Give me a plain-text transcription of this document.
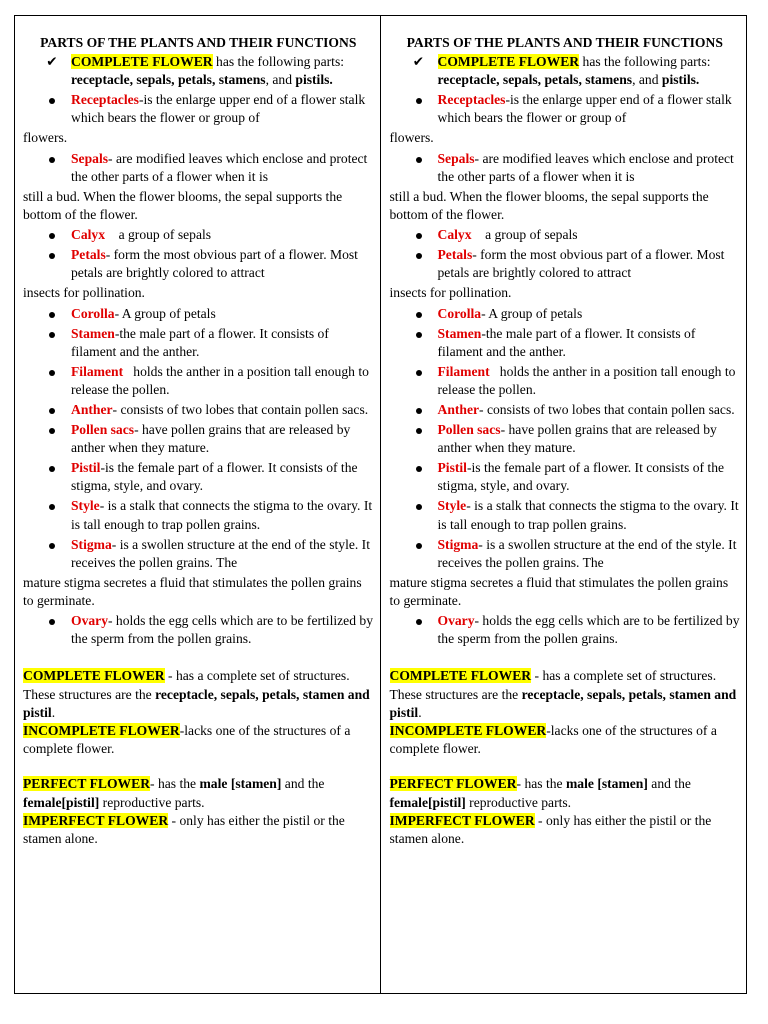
PARTS OF THE PLANTS AND THEIR FUNCTIONS
✔ COMPLETE FLOWER has the following parts: receptacle, sepals, petals, stamens, and pistils.
Receptacles-is the enlarge upper end of a flower stalk which bears the flower or group of
flowers.
Sepals- are modified leaves which enclose and protect the other parts of a flower when it is
still a bud. When the flower blooms, the sepal supports the bottom of the flower.
Calyx    a group of sepals
Petals- form the most obvious part of a flower. Most petals are brightly colored to attract
insects for pollination.
Corolla- A group of petals
Stamen-the male part of a flower. It consists of filament and the anther.
Filament   holds the anther in a position tall enough to release the pollen.
Anther- consists of two lobes that contain pollen sacs.
Pollen sacs- have pollen grains that are released by anther when they mature.
Pistil-is the female part of a flower. It consists of the stigma, style, and ovary.
Style- is a stalk that connects the stigma to the ovary. It is tall enough to trap pollen grains.
Stigma- is a swollen structure at the end of the style. It receives the pollen grains. The
mature stigma secretes a fluid that stimulates the pollen grains to germinate.
Ovary- holds the egg cells which are to be fertilized by the sperm from the pollen grains.

COMPLETE FLOWER - has a complete set of structures. These structures are the receptacle, sepals, petals, stamen and pistil.

INCOMPLETE FLOWER-lacks one of the structures of a complete flower.

PERFECT FLOWER- has the male [stamen] and the female[pistil] reproductive parts.

IMPERFECT FLOWER - only has either the pistil or the stamen alone.

PARTS OF THE PLANTS AND THEIR FUNCTIONS
✔ COMPLETE FLOWER has the following parts: receptacle, sepals, petals, stamens, and pistils.
Receptacles-is the enlarge upper end of a flower stalk which bears the flower or group of
flowers.
Sepals- are modified leaves which enclose and protect the other parts of a flower when it is
still a bud. When the flower blooms, the sepal supports the bottom of the flower.
Calyx    a group of sepals
Petals- form the most obvious part of a flower. Most petals are brightly colored to attract
insects for pollination.
Corolla- A group of petals
Stamen-the male part of a flower. It consists of filament and the anther.
Filament   holds the anther in a position tall enough to release the pollen.
Anther- consists of two lobes that contain pollen sacs.
Pollen sacs- have pollen grains that are released by anther when they mature.
Pistil-is the female part of a flower. It consists of the stigma, style, and ovary.
Style- is a stalk that connects the stigma to the ovary. It is tall enough to trap pollen grains.
Stigma- is a swollen structure at the end of the style. It receives the pollen grains. The
mature stigma secretes a fluid that stimulates the pollen grains to germinate.
Ovary- holds the egg cells which are to be fertilized by the sperm from the pollen grains.

COMPLETE FLOWER - has a complete set of structures. These structures are the receptacle, sepals, petals, stamen and pistil.

INCOMPLETE FLOWER-lacks one of the structures of a complete flower.

PERFECT FLOWER- has the male [stamen] and the female[pistil] reproductive parts.

IMPERFECT FLOWER - only has either the pistil or the stamen alone.
